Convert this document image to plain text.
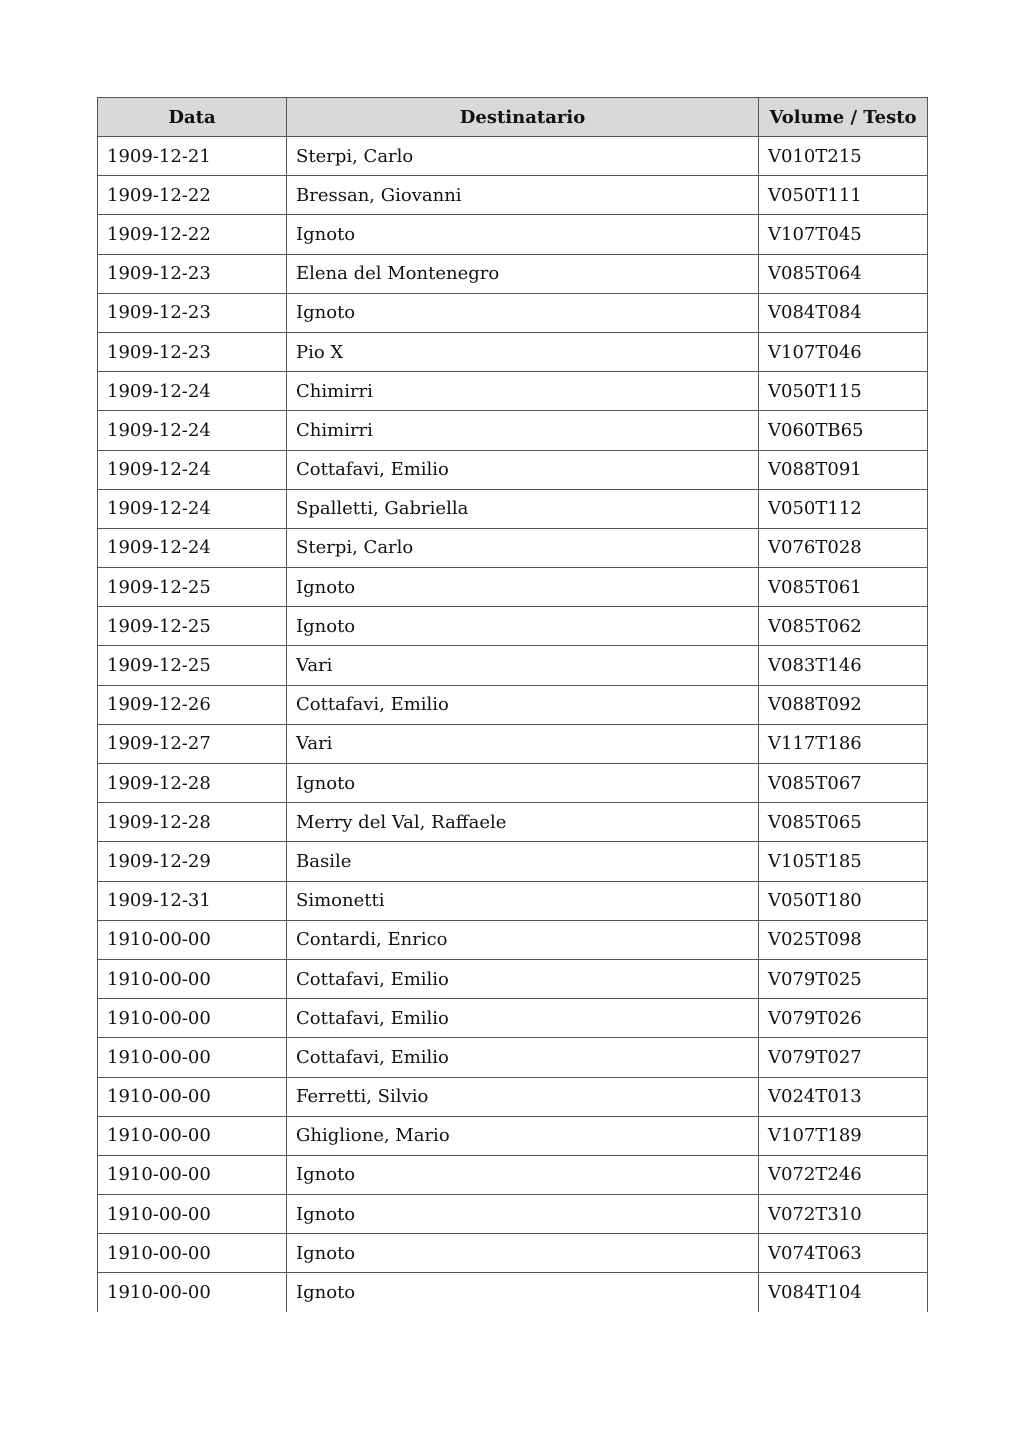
Data	Destinatario	Volume / Testo
1909-12-21	Sterpi, Carlo	V010T215
1909-12-22	Bressan, Giovanni	V050T111
1909-12-22	Ignoto	V107T045
1909-12-23	Elena del Montenegro	V085T064
1909-12-23	Ignoto	V084T084
1909-12-23	Pio X	V107T046
1909-12-24	Chimirri	V050T115
1909-12-24	Chimirri	V060TB65
1909-12-24	Cottafavi, Emilio	V088T091
1909-12-24	Spalletti, Gabriella	V050T112
1909-12-24	Sterpi, Carlo	V076T028
1909-12-25	Ignoto	V085T061
1909-12-25	Ignoto	V085T062
1909-12-25	Vari	V083T146
1909-12-26	Cottafavi, Emilio	V088T092
1909-12-27	Vari	V117T186
1909-12-28	Ignoto	V085T067
1909-12-28	Merry del Val, Raffaele	V085T065
1909-12-29	Basile	V105T185
1909-12-31	Simonetti	V050T180
1910-00-00	Contardi, Enrico	V025T098
1910-00-00	Cottafavi, Emilio	V079T025
1910-00-00	Cottafavi, Emilio	V079T026
1910-00-00	Cottafavi, Emilio	V079T027
1910-00-00	Ferretti, Silvio	V024T013
1910-00-00	Ghiglione, Mario	V107T189
1910-00-00	Ignoto	V072T246
1910-00-00	Ignoto	V072T310
1910-00-00	Ignoto	V074T063
1910-00-00	Ignoto	V084T104
